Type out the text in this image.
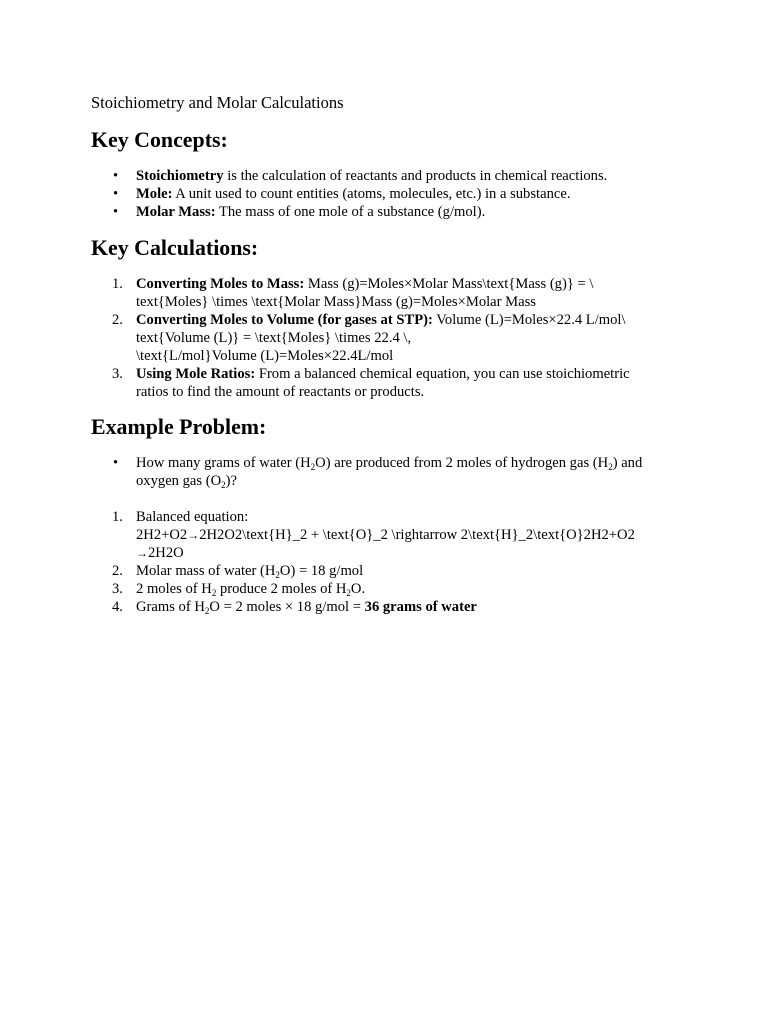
Stoichiometry and Molar Calculations
Key Concepts:
• Stoichiometry is the calculation of reactants and products in chemical reactions.
• Mole: A unit used to count entities (atoms, molecules, etc.) in a substance.
• Molar Mass: The mass of one mole of a substance (g/mol).
Key Calculations:
1. Converting Moles to Mass: Mass (g)=Moles×Molar Mass\text{Mass (g)} = \
text{Moles} \times \text{Molar Mass}Mass (g)=Moles×Molar Mass
2. Converting Moles to Volume (for gases at STP): Volume (L)=Moles×22.4 L/mol\
text{Volume (L)} = \text{Moles} \times 22.4 \,
\text{L/mol}Volume (L)=Moles×22.4L/mol
3. Using Mole Ratios: From a balanced chemical equation, you can use stoichiometric
ratios to find the amount of reactants or products.
Example Problem:
• How many grams of water $(H_2O)$ are produced from 2 moles of hydrogen gas $(H_2)$ and
oxygen gas $(O_2)$?
1. Balanced equation:
2H2+O2→2H2O2\text{H}_2 + \text{O}_2 \rightarrow 2\text{H}_2\text{O}2H2+O2
→2H2O
2. Molar mass of water $(H_2O) = 18$ g/mol
3. 2 moles of $H_2$ produce 2 moles of $H_2O$.
4. Grams of $H_2O = 2$ moles × 18 g/mol = 36 grams of water
